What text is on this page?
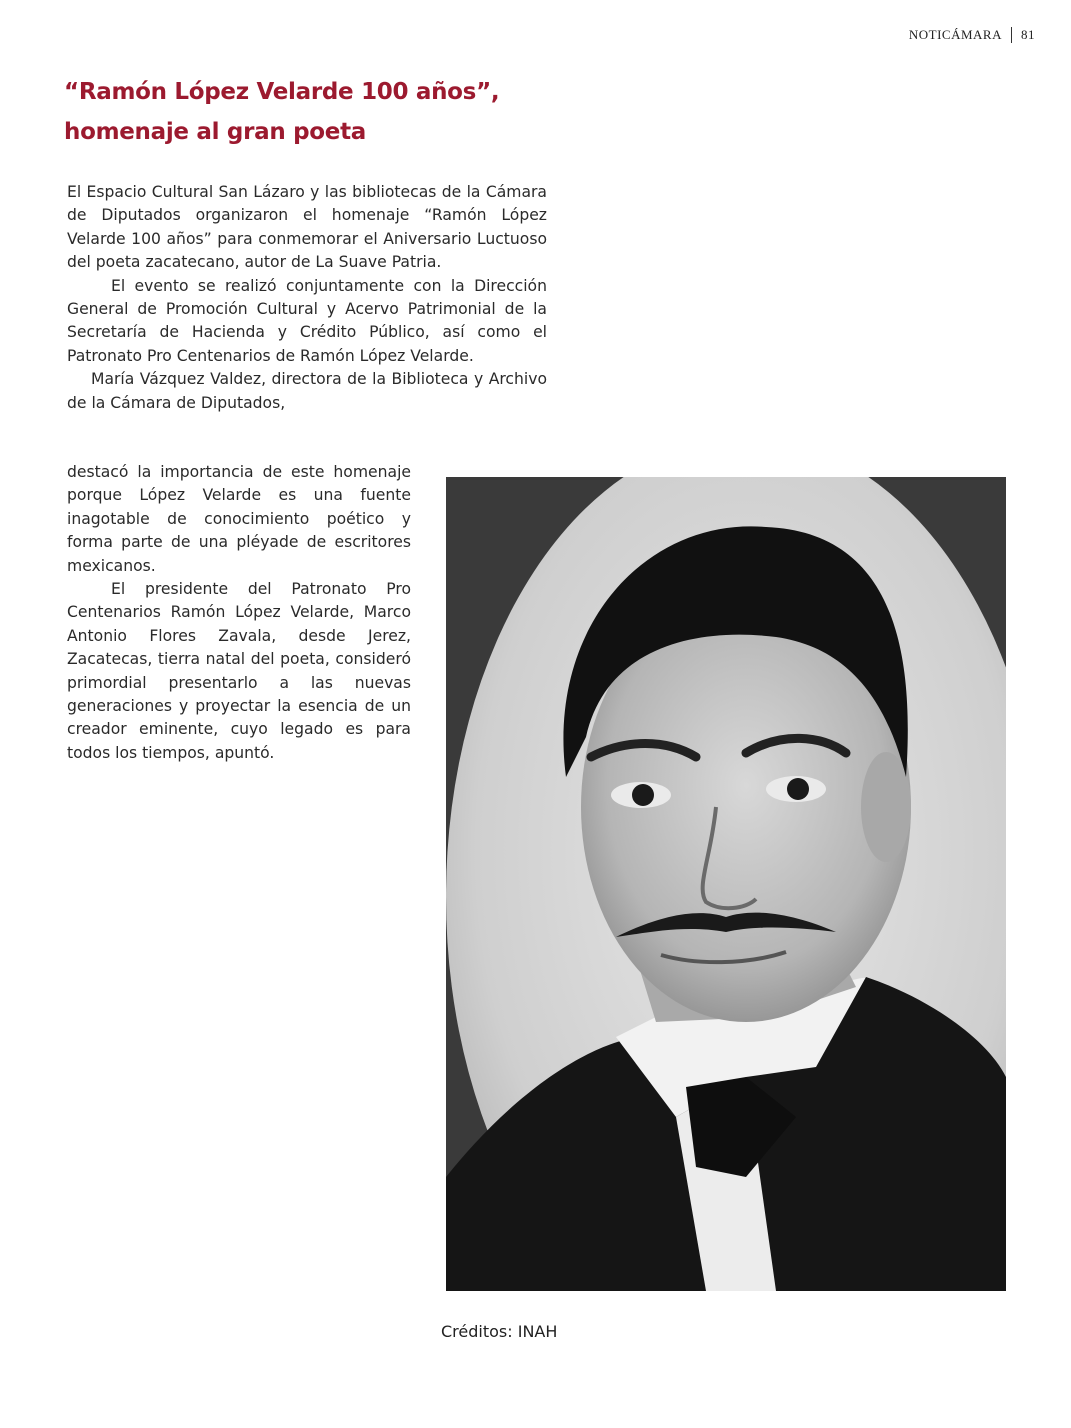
NOTICÁMARA 81
“Ramón López Velarde 100 años”,
homenaje al gran poeta

El Espacio Cultural San Lázaro y las bibliotecas de la Cámara de Diputados organizaron el homenaje “Ramón López Velarde 100 años” para conmemorar el Aniversario Luctuoso del poeta zacatecano, autor de La Suave Patria.

El evento se realizó conjuntamente con la Dirección General de Promoción Cultural y Acervo Patrimonial de la Secretaría de Hacienda y Crédito Público, así como el Patronato Pro Centenarios de Ramón López Velarde.

María Vázquez Valdez, directora de la Biblioteca y Archivo de la Cámara de Diputados,

destacó la importancia de este homenaje porque López Velarde es una fuente inagotable de conocimiento poético y forma parte de una pléyade de escritores mexicanos.

El presidente del Patronato Pro Centenarios Ramón López Velarde, Marco Antonio Flores Zavala, desde Jerez, Zacatecas, tierra natal del poeta, consideró primordial presentarlo a las nuevas generaciones y proyectar la esencia de un creador eminente, cuyo legado es para todos los tiempos, apuntó.

Créditos: INAH
